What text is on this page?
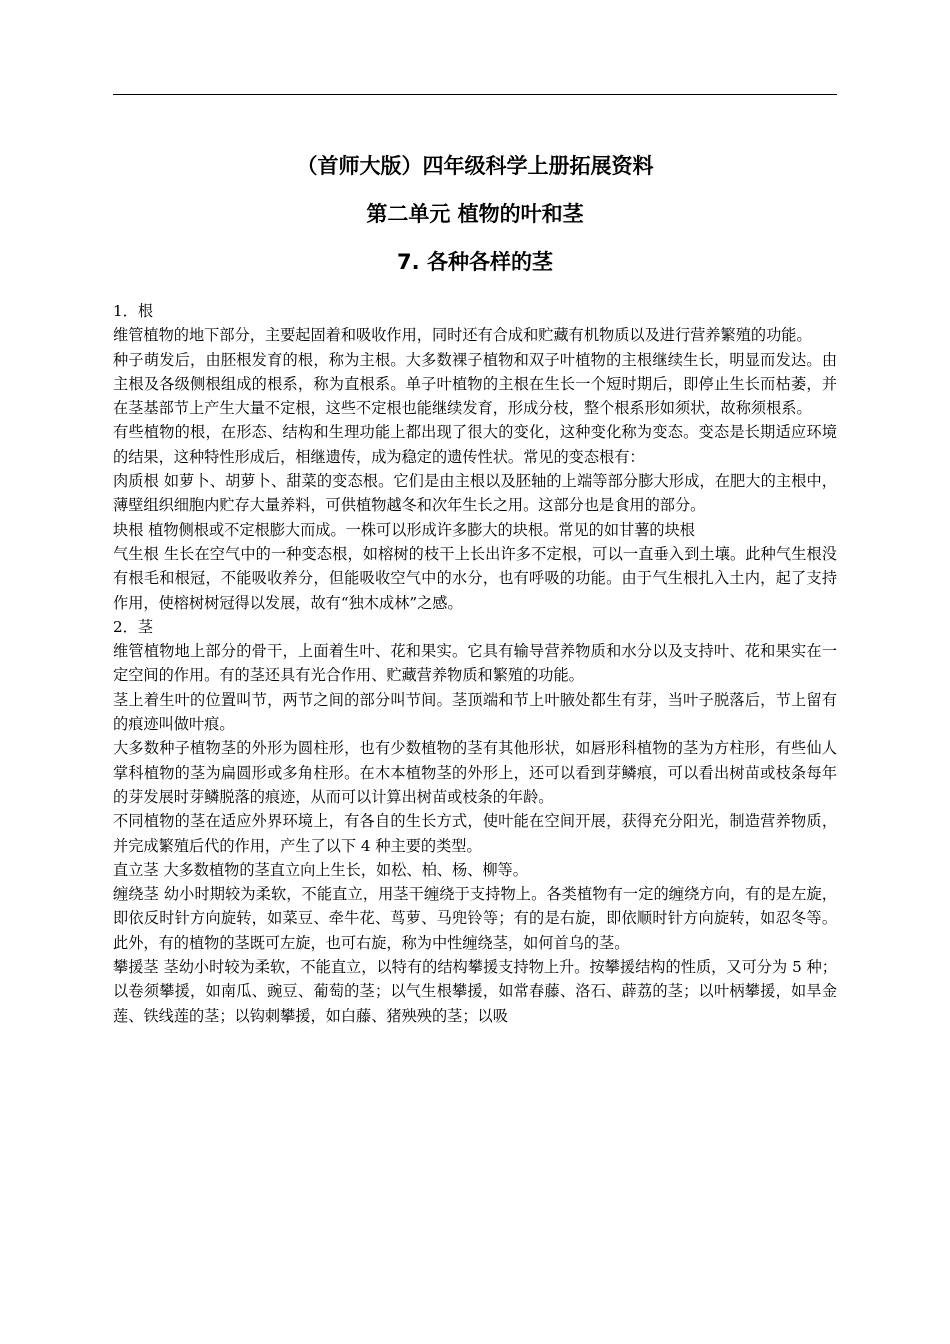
（首师大版）四年级科学上册拓展资料
第二单元 植物的叶和茎
7. 各种各样的茎

1．根

维管植物的地下部分，主要起固着和吸收作用，同时还有合成和贮藏有机物质以及进行营养繁殖的功能。

种子萌发后，由胚根发育的根，称为主根。大多数裸子植物和双子叶植物的主根继续生长，明显而发达。由主根及各级侧根组成的根系，称为直根系。单子叶植物的主根在生长一个短时期后，即停止生长而枯萎，并在茎基部节上产生大量不定根，这些不定根也能继续发育，形成分枝，整个根系形如须状，故称须根系。

有些植物的根，在形态、结构和生理功能上都出现了很大的变化，这种变化称为变态。变态是长期适应环境的结果，这种特性形成后，相继遗传，成为稳定的遗传性状。常见的变态根有：

肉质根 如萝卜、胡萝卜、甜菜的变态根。它们是由主根以及胚轴的上端等部分膨大形成，在肥大的主根中，薄壁组织细胞内贮存大量养料，可供植物越冬和次年生长之用。这部分也是食用的部分。

块根 植物侧根或不定根膨大而成。一株可以形成许多膨大的块根。常见的如甘薯的块根

气生根 生长在空气中的一种变态根，如榕树的枝干上长出许多不定根，可以一直垂入到土壤。此种气生根没有根毛和根冠，不能吸收养分，但能吸收空气中的水分，也有呼吸的功能。由于气生根扎入土内，起了支持作用，使榕树树冠得以发展，故有“独木成林”之感。

2．茎

维管植物地上部分的骨干，上面着生叶、花和果实。它具有输导营养物质和水分以及支持叶、花和果实在一定空间的作用。有的茎还具有光合作用、贮藏营养物质和繁殖的功能。

茎上着生叶的位置叫节，两节之间的部分叫节间。茎顶端和节上叶腋处都生有芽，当叶子脱落后，节上留有的痕迹叫做叶痕。

大多数种子植物茎的外形为圆柱形，也有少数植物的茎有其他形状，如唇形科植物的茎为方柱形，有些仙人掌科植物的茎为扁圆形或多角柱形。在木本植物茎的外形上，还可以看到芽鳞痕，可以看出树苗或枝条每年的芽发展时芽鳞脱落的痕迹，从而可以计算出树苗或枝条的年龄。

不同植物的茎在适应外界环境上，有各自的生长方式，使叶能在空间开展，获得充分阳光，制造营养物质，并完成繁殖后代的作用，产生了以下 4 种主要的类型。

直立茎 大多数植物的茎直立向上生长，如松、柏、杨、柳等。

缠绕茎 幼小时期较为柔软，不能直立，用茎干缠绕于支持物上。各类植物有一定的缠绕方向，有的是左旋，即依反时针方向旋转，如菜豆、牵牛花、茑萝、马兜铃等；有的是右旋，即依顺时针方向旋转，如忍冬等。此外，有的植物的茎既可左旋，也可右旋，称为中性缠绕茎，如何首乌的茎。

攀援茎 茎幼小时较为柔软，不能直立，以特有的结构攀援支持物上升。按攀援结构的性质，又可分为 5 种；以卷须攀援，如南瓜、豌豆、葡萄的茎；以气生根攀援，如常春藤、洛石、薜荔的茎；以叶柄攀援，如旱金莲、铁线莲的茎；以钩刺攀援，如白藤、猪殃殃的茎；以吸
